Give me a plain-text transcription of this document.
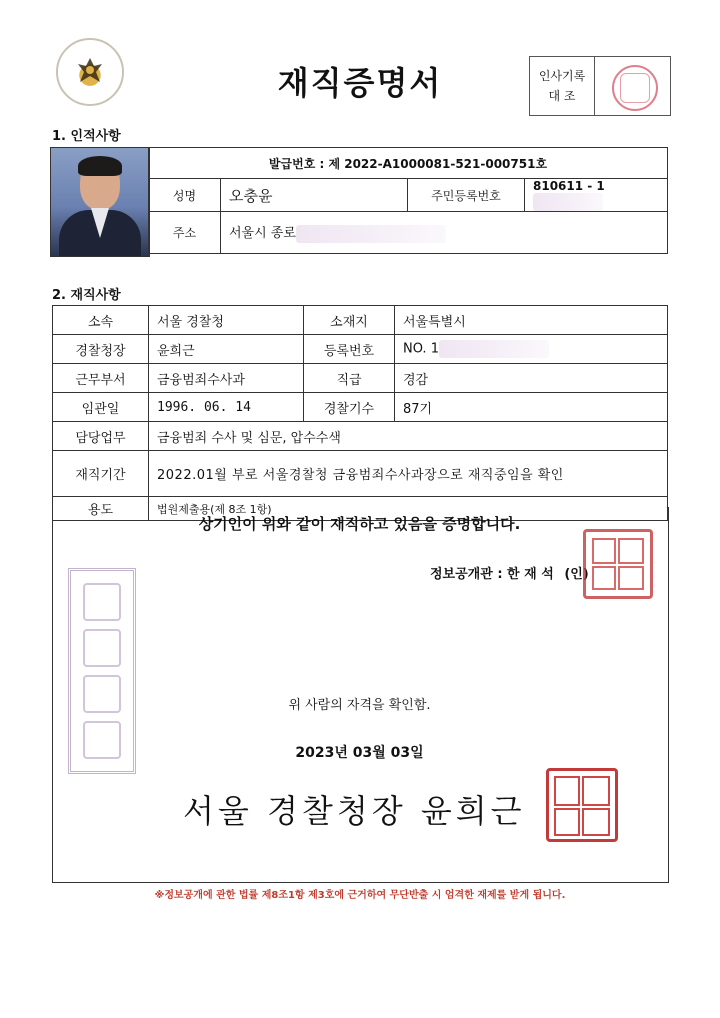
재직증명서	인사기록
대 조
1. 인적사항
발급번호 : 제 2022-A1000081-521-000751호			
성명	오충윤	주민등록번호	810611 - 1
주소	서울시 종로		
2. 재직사항
소속	서울 경찰청	소재지	서울특별시
경찰청장	윤희근	등록번호	NO. 1
근무부서	금융범죄수사과	직급	경감
임관일	1996. 06. 14	경찰기수	87기
담당업무	금융범죄 수사 및 심문, 압수수색		
재직기간	2022.01월 부로 서울경찰청 금융범죄수사과장으로 재직중임을 확인		
용도	법원제출용(제 8조 1항)		
상기인이 위와 같이 재직하고 있음을 증명합니다.
정보공개관 : 한 재 석 (인)
위 사람의 자격을 확인함.
2023년 03월 03일
서울 경찰청장 윤희근
※정보공개에 관한 법률 제8조1항 제3호에 근거하여 무단반출 시 엄격한 재제를 받게 됩니다.
